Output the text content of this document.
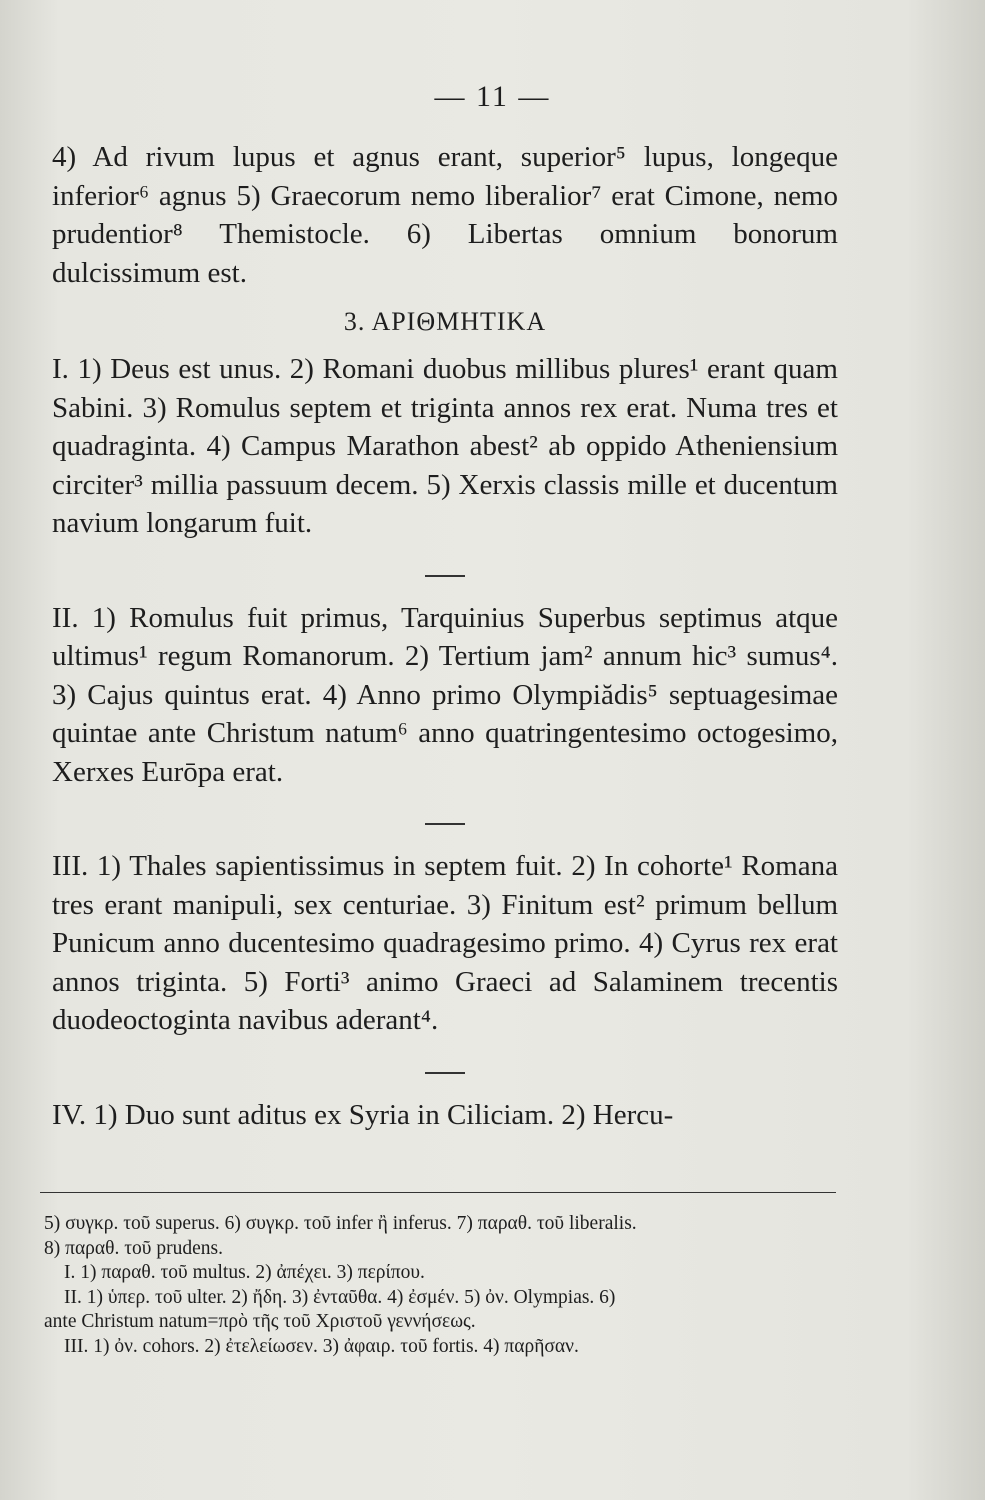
— 11 —

4) Ad rivum lupus et agnus erant, superior⁵ lupus, longeque inferior⁶ agnus 5) Graecorum nemo liberalior⁷ erat Cimone, nemo prudentior⁸ Themistocle. 6) Libertas omnium bonorum dulcissimum est.

3. ΑΡΙΘΜΗΤΙΚΑ

I. 1) Deus est unus. 2) Romani duobus millibus plures¹ erant quam Sabini. 3) Romulus septem et triginta annos rex erat. Numa tres et quadraginta. 4) Campus Marathon abest² ab oppido Atheniensium circiter³ millia passuum decem. 5) Xerxis classis mille et ducentum navium longarum fuit.

II. 1) Romulus fuit primus, Tarquinius Superbus septimus atque ultimus¹ regum Romanorum. 2) Tertium jam² annum hic³ sumus⁴. 3) Cajus quintus erat. 4) Anno primo Olympiădis⁵ septuagesimae quintae ante Christum natum⁶ anno quatringentesimo octogesimo, Xerxes Eurōpa erat.

III. 1) Thales sapientissimus in septem fuit. 2) In cohorte¹ Romana tres erant manipuli, sex centuriae. 3) Finitum est² primum bellum Punicum anno ducentesimo quadragesimo primo. 4) Cyrus rex erat annos triginta. 5) Forti³ animo Graeci ad Salaminem trecentis duodeoctoginta navibus aderant⁴.

IV. 1) Duo sunt aditus ex Syria in Ciliciam. 2) Hercu-

5) συγκρ. τοῦ superus. 6) συγκρ. τοῦ infer ἢ inferus. 7) παραθ. τοῦ liberalis.

8) παραθ. τοῦ prudens.

I. 1) παραθ. τοῦ multus. 2) ἀπέχει. 3) περίπου.

II. 1) ὑπερ. τοῦ ulter. 2) ἤδη. 3) ἐνταῦθα. 4) ἐσμέν. 5) ὀν. Olympias. 6)

ante Christum natum=πρὸ τῆς τοῦ Χριστοῦ γεννήσεως.

III. 1) ὀν. cohors. 2) ἐτελείωσεν. 3) ἀφαιρ. τοῦ fortis. 4) παρῆσαν.
